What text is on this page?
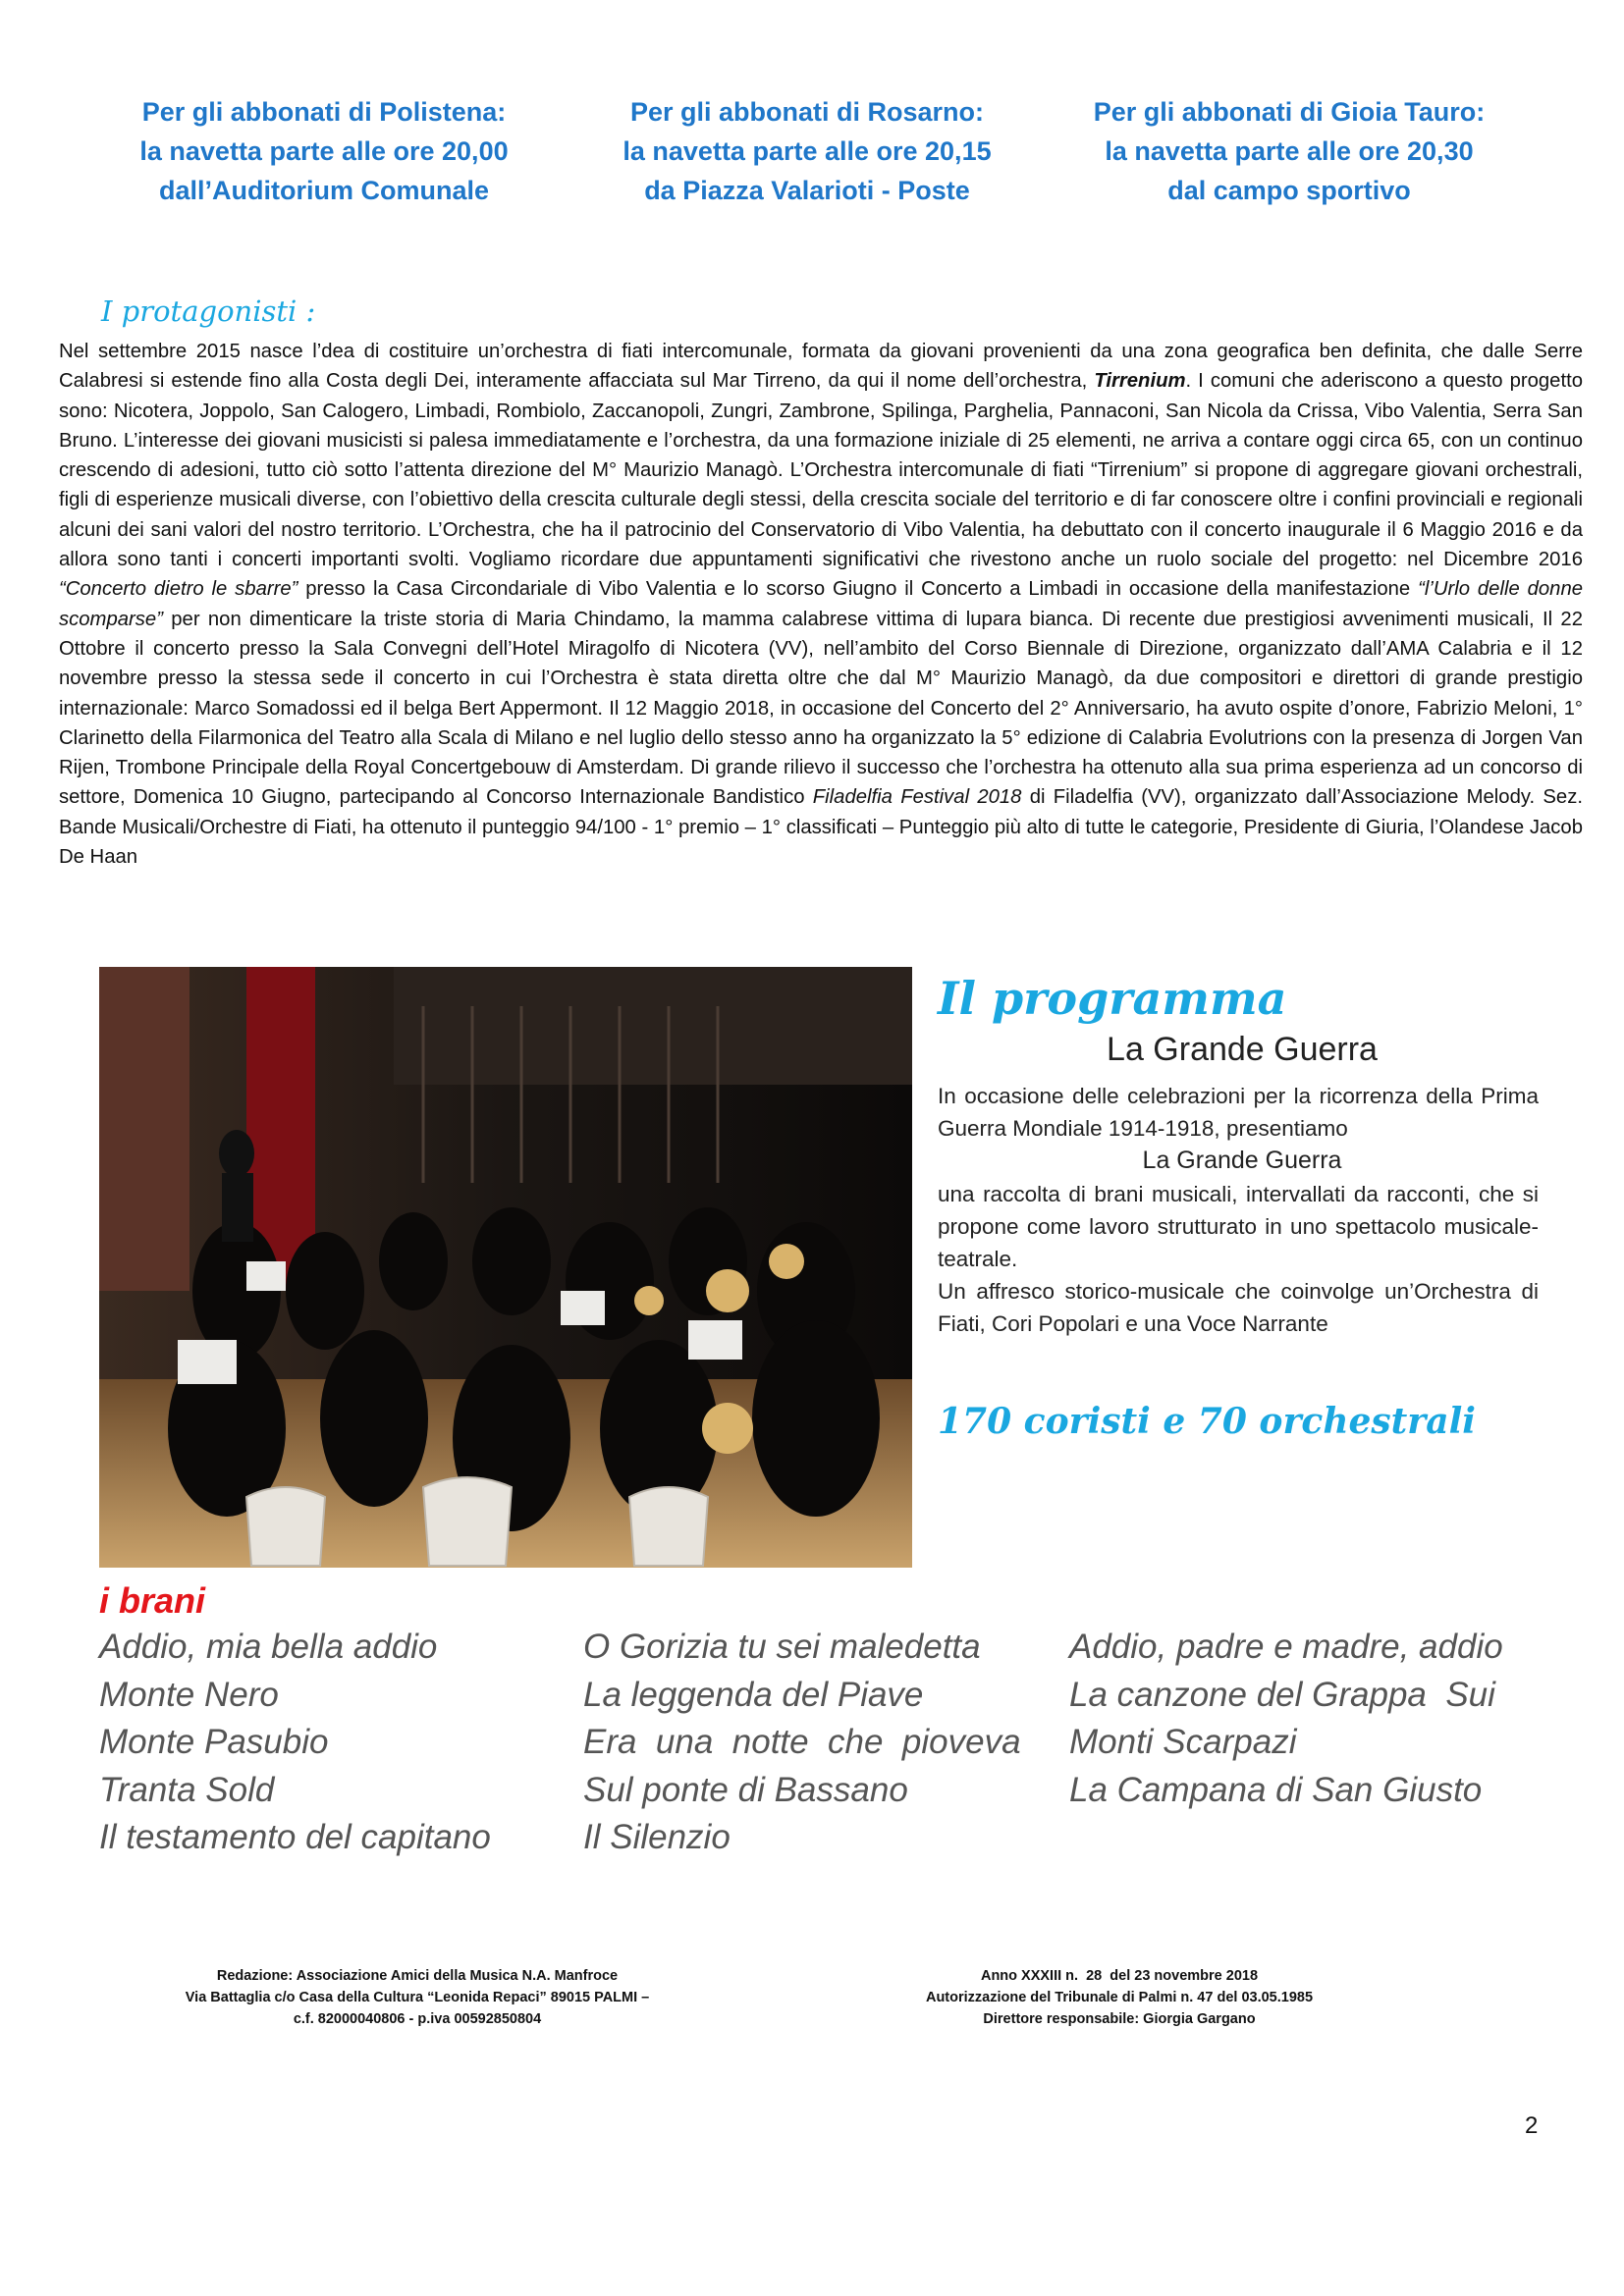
Per gli abbonati di Polistena:
la navetta parte alle ore 20,00
dall’Auditorium Comunale
Per gli abbonati di Rosarno:
la navetta parte alle ore 20,15
da Piazza Valarioti - Poste
Per gli abbonati di Gioia Tauro:
la navetta parte alle ore 20,30
dal campo sportivo
I protagonisti :
Nel settembre 2015 nasce l’dea di costituire un’orchestra di fiati intercomunale, formata da giovani provenienti da una zona geografica ben definita, che dalle Serre Calabresi si estende fino alla Costa degli Dei, interamente affacciata sul Mar Tirreno, da qui il nome dell’orchestra, Tirrenium. I comuni che aderiscono a questo progetto sono: Nicotera, Joppolo, San Calogero, Limbadi, Rombiolo, Zaccanopoli, Zungri, Zambrone, Spilinga, Parghelia, Pannaconi, San Nicola da Crissa, Vibo Valentia, Serra San Bruno. L’interesse dei giovani musicisti si palesa immediatamente e l’orchestra, da una formazione iniziale di 25 elementi, ne arriva a contare oggi circa 65, con un continuo crescendo di adesioni, tutto ciò sotto l’attenta direzione del M° Maurizio Managò. L’Orchestra intercomunale di fiati “Tirrenium” si propone di aggregare giovani orchestrali, figli di esperienze musicali diverse, con l’obiettivo della crescita culturale degli stessi, della crescita sociale del territorio e di far conoscere oltre i confini provinciali e regionali alcuni dei sani valori del nostro territorio. L’Orchestra, che ha il patrocinio del Conservatorio di Vibo Valentia, ha debuttato con il concerto inaugurale il 6 Maggio 2016 e da allora sono tanti i concerti importanti svolti. Vogliamo ricordare due appuntamenti significativi che rivestono anche un ruolo sociale del progetto: nel Dicembre 2016 “Concerto dietro le sbarre” presso la Casa Circondariale di Vibo Valentia e lo scorso Giugno il Concerto a Limbadi in occasione della manifestazione “l’Urlo delle donne scomparse” per non dimenticare la triste storia di Maria Chindamo, la mamma calabrese vittima di lupara bianca. Di recente due prestigiosi avvenimenti musicali, Il 22 Ottobre il concerto presso la Sala Convegni dell’Hotel Miragolfo di Nicotera (VV), nell’ambito del Corso Biennale di Direzione, organizzato dall’AMA Calabria e il 12 novembre presso la stessa sede il concerto in cui l’Orchestra è stata diretta oltre che dal M° Maurizio Managò, da due compositori e direttori di grande prestigio internazionale: Marco Somadossi ed il belga Bert Appermont. Il 12 Maggio 2018, in occasione del Concerto del 2° Anniversario, ha avuto ospite d’onore, Fabrizio Meloni, 1° Clarinetto della Filarmonica del Teatro alla Scala di Milano e nel luglio dello stesso anno ha organizzato la 5° edizione di Calabria Evolutrions con la presenza di Jorgen Van Rijen, Trombone Principale della Royal Concertgebouw di Amsterdam. Di grande rilievo il successo che l’orchestra ha ottenuto alla sua prima esperienza ad un concorso di settore, Domenica 10 Giugno, partecipando al Concorso Internazionale Bandistico Filadelfia Festival 2018 di Filadelfia (VV), organizzato dall’Associazione Melody. Sez. Bande Musicali/Orchestre di Fiati, ha ottenuto il punteggio 94/100 - 1° premio – 1° classificati – Punteggio più alto di tutte le categorie, Presidente di Giuria, l’Olandese Jacob De Haan
Il programma
La Grande Guerra
In occasione delle celebrazioni per la ricorrenza della Prima Guerra Mondiale 1914-1918, presentiamo
La Grande Guerra
una raccolta di brani musicali, intervallati da racconti, che si propone come lavoro strutturato in uno spettacolo musicale-teatrale.
Un affresco storico-musicale che coinvolge un’Orchestra di Fiati, Cori Popolari e una Voce Narrante
170 coristi e 70 orchestrali
i brani
Addio, mia bella addio
Monte Nero
Monte Pasubio
Tranta Sold
Il testamento del capitano
O Gorizia tu sei maledetta
La leggenda del Piave
Era  una  notte  che  pioveva
Sul ponte di Bassano
Il Silenzio
Addio, padre e madre, addio
La canzone del Grappa  Sui
Monti Scarpazi
La Campana di San Giusto
Redazione: Associazione Amici della Musica N.A. Manfroce
Via Battaglia c/o Casa della Cultura “Leonida Repaci” 89015 PALMI –
c.f. 82000040806 - p.iva 00592850804
Anno XXXIII n.  28  del 23 novembre 2018
Autorizzazione del Tribunale di Palmi n. 47 del 03.05.1985
Direttore responsabile: Giorgia Gargano
2
